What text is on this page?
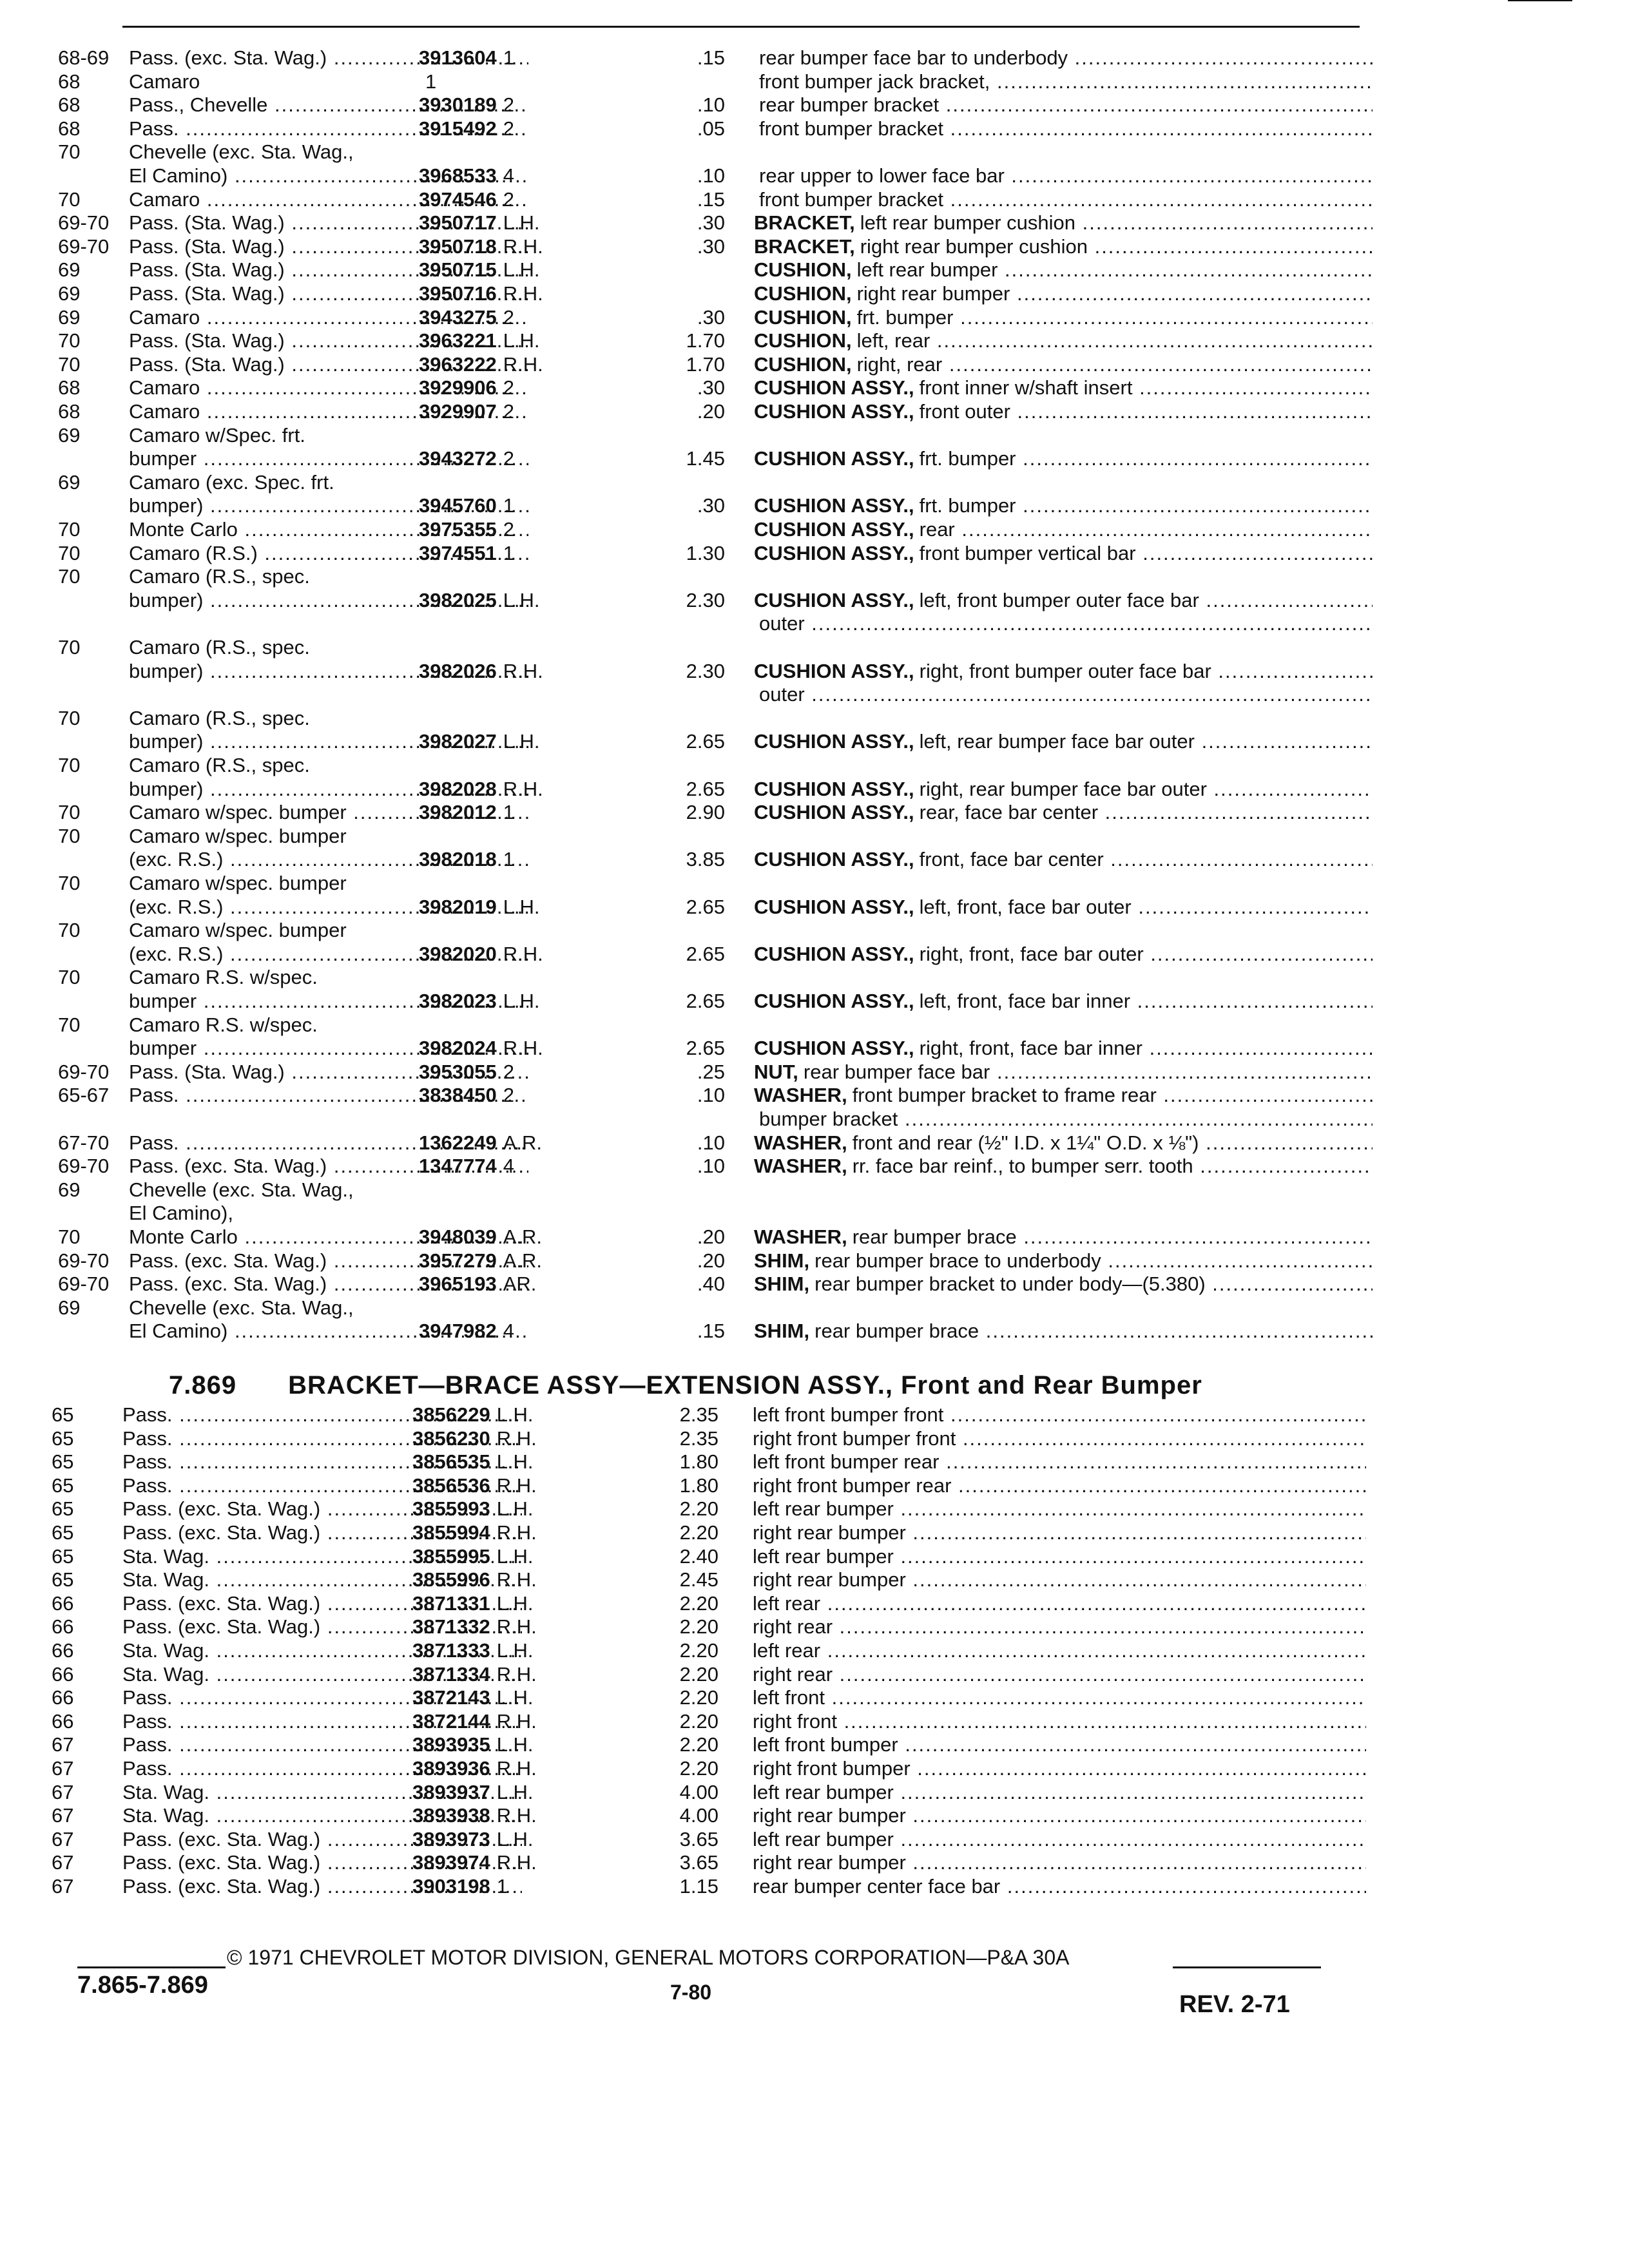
68-69 Pass. (exc. Sta. Wag.) .....	3913604 1	.15 rear bumper face bar to underbody .....
68	Camaro	1	front bumper jack bracket, .....
68	Pass., Chevelle .....	3930189 2	.10 rear bumper bracket .....
68	Pass. .....	3915492 2	.05 front bumper bracket .....
70	Chevelle (exc. Sta. Wag.,
El Camino) .....	3968533 4	.10 rear upper to lower face bar .....
70	Camaro .....	3974546 2	.15 front bumper bracket .....
69-70 Pass. (Sta. Wag.) .....	3950717 L.H.	.30 BRACKET, left rear bumper cushion .....
69-70 Pass. (Sta. Wag.) .....	3950718 R.H.	.30 BRACKET, right rear bumper cushion .....
69	Pass. (Sta. Wag.) .....	3950715 L.H.	CUSHION, left rear bumper .....
69	Pass. (Sta. Wag.) .....	3950716 R.H.	CUSHION, right rear bumper .....
69	Camaro .....	3943275 2	.30 CUSHION, frt. bumper .....
70	Pass. (Sta. Wag.) .....	3963221 L.H.	1.70 CUSHION, left, rear .....
70	Pass. (Sta. Wag.) .....	3963222 R.H.	1.70 CUSHION, right, rear .....
68	Camaro .....	3929906 2	.30 CUSHION ASSY., front inner w/shaft insert .....
68	Camaro .....	3929907 2	.20 CUSHION ASSY., front outer .....
69	Camaro w/Spec. frt.
bumper .....	3943272 2	1.45 CUSHION ASSY., frt. bumper .....
69	Camaro (exc. Spec. frt.
bumper) .....	3945760 1	.30 CUSHION ASSY., frt. bumper .....
70	Monte Carlo .....	3975355 2	CUSHION ASSY., rear .....
70	Camaro (R.S.) .....	3974551 1	1.30 CUSHION ASSY., front bumper vertical bar .....
70	Camaro (R.S., spec.
bumper) .....	3982025 L.H.	2.30 CUSHION ASSY., left, front bumper outer face bar .....
outer .....
70	Camaro (R.S., spec.
bumper) .....	3982026 R.H.	2.30 CUSHION ASSY., right, front bumper outer face bar .....
outer .....
70	Camaro (R.S., spec.
bumper) .....	3982027 L.H.	2.65 CUSHION ASSY., left, rear bumper face bar outer .....
70	Camaro (R.S., spec.
bumper) .....	3982028 R.H.	2.65 CUSHION ASSY., right, rear bumper face bar outer .....
70	Camaro w/spec. bumper .....	3982012 1	2.90 CUSHION ASSY., rear, face bar center .....
70	Camaro w/spec. bumper
(exc. R.S.) .....	3982018 1	3.85 CUSHION ASSY., front, face bar center .....
70	Camaro w/spec. bumper
(exc. R.S.) .....	3982019 L.H.	2.65 CUSHION ASSY., left, front, face bar outer .....
70	Camaro w/spec. bumper
(exc. R.S.) .....	3982020 R.H.	2.65 CUSHION ASSY., right, front, face bar outer .....
70	Camaro R.S. w/spec.
bumper .....	3982023 L.H.	2.65 CUSHION ASSY., left, front, face bar inner .....
70	Camaro R.S. w/spec.
bumper .....	3982024 R.H.	2.65 CUSHION ASSY., right, front, face bar inner .....
69-70 Pass. (Sta. Wag.) .....	3953055 2	.25 NUT, rear bumper face bar .....
65-67 Pass. .....	3838450 2	.10 WASHER, front bumper bracket to frame rear .....
bumper bracket .....
67-70 Pass. .....	1362249 A.R.	.10 WASHER, front and rear (½" I.D. x 1¼" O.D. x ⅛") .....
69-70 Pass. (exc. Sta. Wag.) .....	1347774 4	.10 WASHER, rr. face bar reinf., to bumper serr. tooth .....
69	Chevelle (exc. Sta. Wag.,
El Camino),
70	Monte Carlo .....	3948039 A.R.	.20 WASHER, rear bumper brace .....
69-70 Pass. (exc. Sta. Wag.) .....	3957279 A.R.	.20 SHIM, rear bumper brace to underbody .....
69-70 Pass. (exc. Sta. Wag.) .....	3965193 AR.	.40 SHIM, rear bumper bracket to under body—(5.380) .....
69	Chevelle (exc. Sta. Wag.,
El Camino) .....	3947982 4	.15 SHIM, rear bumper brace .....
7.869 BRACKET—BRACE ASSY—EXTENSION ASSY., Front and Rear Bumper
65	Pass. .....	3856229 L.H.	2.35 left front bumper front .....
65	Pass. .....	3856230 R.H.	2.35 right front bumper front .....
65	Pass. .....	3856535 L.H.	1.80 left front bumper rear .....
65	Pass. .....	3856536 R.H.	1.80 right front bumper rear .....
65	Pass. (exc. Sta. Wag.) .....	3855993 L.H.	2.20 left rear bumper .....
65	Pass. (exc. Sta. Wag.) .....	3855994 R.H.	2.20 right rear bumper .....
65	Sta. Wag. .....	3855995 L.H.	2.40 left rear bumper .....
65	Sta. Wag. .....	3855996 R.H.	2.45 right rear bumper .....
66	Pass. (exc. Sta. Wag.) .....	3871331 L.H.	2.20 left rear .....
66	Pass. (exc. Sta. Wag.) .....	3871332 R.H.	2.20 right rear .....
66	Sta. Wag. .....	3871333 L.H.	2.20 left rear .....
66	Sta. Wag. .....	3871334 R.H.	2.20 right rear .....
66	Pass. .....	3872143 L.H.	2.20 left front .....
66	Pass. .....	3872144 R.H.	2.20 right front .....
67	Pass. .....	3893935 L.H.	2.20 left front bumper .....
67	Pass. .....	3893936 R.H.	2.20 right front bumper .....
67	Sta. Wag. .....	3893937 L.H.	4.00 left rear bumper .....
67	Sta. Wag. .....	3893938 R.H.	4.00 right rear bumper .....
67	Pass. (exc. Sta. Wag.) .....	3893973 L.H.	3.65 left rear bumper .....
67	Pass. (exc. Sta. Wag.) .....	3893974 R.H.	3.65 right rear bumper .....
67	Pass. (exc. Sta. Wag.) .....	3903198 1	1.15 rear bumper center face bar .....
© 1971 CHEVROLET MOTOR DIVISION, GENERAL MOTORS CORPORATION—P&A 30A
7.865-7.869	7-80	REV. 2-71
